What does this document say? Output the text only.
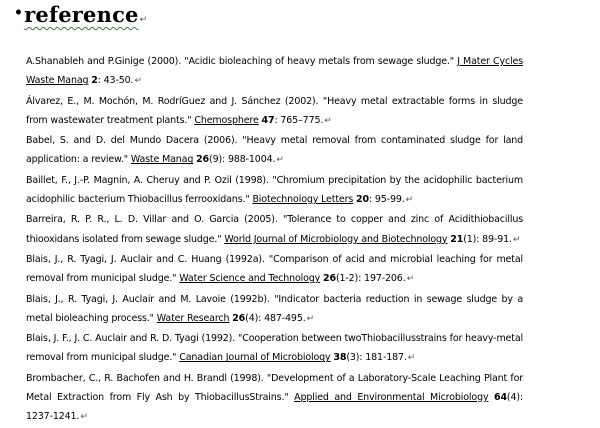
•reference↵

A.Shanableh and P.Ginige (2000). "Acidic bioleaching of heavy metals from sewage sludge." J Mater Cycles Waste Manag 2: 43-50.↵

Álvarez, E., M. Mochón, M. RodríGuez and J. Sánchez (2002). "Heavy metal extractable forms in sludge from wastewater treatment plants." Chemosphere 47: 765–775.↵

Babel, S. and D. del Mundo Dacera (2006). "Heavy metal removal from contaminated sludge for land application: a review." Waste Manag 26(9): 988-1004.↵

Baillet, F., J.-P. Magnin, A. Cheruy and P. Ozil (1998). "Chromium precipitation by the acidophilic bacterium acidophilic bacterium Thiobacillus ferrooxidans." Biotechnology Letters 20: 95-99.↵

Barreira, R. P. R., L. D. Villar and O. Garcia (2005). "Tolerance to copper and zinc of Acidithiobacillus thiooxidans isolated from sewage sludge." World Journal of Microbiology and Biotechnology 21(1): 89-91.↵

Blais, J., R. Tyagi, J. Auclair and C. Huang (1992a). "Comparison of acid and microbial leaching for metal removal from municipal sludge." Water Science and Technology 26(1-2): 197-206.↵

Blais, J., R. Tyagi, J. Auclair and M. Lavoie (1992b). "Indicator bacteria reduction in sewage sludge by a metal bioleaching process." Water Research 26(4): 487-495.↵

Blais, J. F., J. C. Auclair and R. D. Tyagi (1992). "Cooperation between twoThiobacillusstrains for heavy-metal removal from municipal sludge." Canadian Journal of Microbiology 38(3): 181-187.↵

Brombacher, C., R. Bachofen and H. Brandl (1998). "Development of a Laboratory-Scale Leaching Plant for Metal Extraction from Fly Ash by ThiobacillusStrains." Applied and Environmental Microbiology 64(4): 1237-1241.↵
